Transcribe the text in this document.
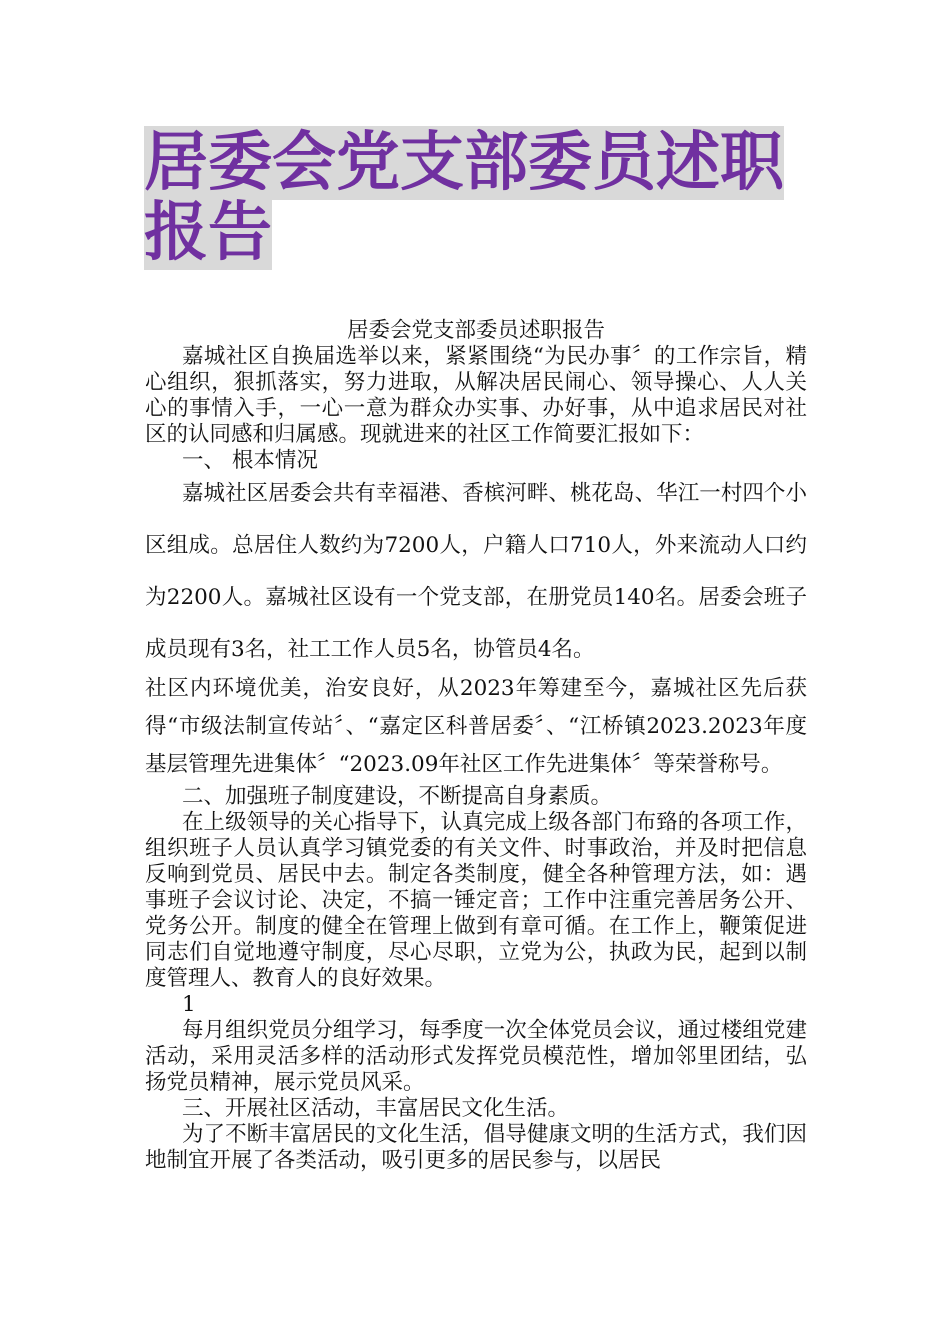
居委会党支部委员述职报告

居委会党支部委员述职报告

嘉城社区自换届选举以来，紧紧围绕“为民办事〞的工作宗旨，精心组织，狠抓落实，努力进取，从解决居民闹心、领导操心、人人关心的事情入手，一心一意为群众办实事、办好事，从中追求居民对社区的认同感和归属感。现就进来的社区工作简要汇报如下：

一、 根本情况

嘉城社区居委会共有幸福港、香槟河畔、桃花岛、华江一村四个小区组成。总居住人数约为7200人，户籍人口710人，外来流动人口约为2200人。嘉城社区设有一个党支部，在册党员140名。居委会班子成员现有3名，社工工作人员5名，协管员4名。

社区内环境优美，治安良好，从2023年筹建至今，嘉城社区先后获得“市级法制宣传站〞、“嘉定区科普居委〞、“江桥镇2023.2023年度基层管理先进集体〞“2023.09年社区工作先进集体〞等荣誉称号。

二、加强班子制度建设，不断提高自身素质。

在上级领导的关心指导下，认真完成上级各部门布臵的各项工作，组织班子人员认真学习镇党委的有关文件、时事政治，并及时把信息反响到党员、居民中去。制定各类制度，健全各种管理方法，如：遇事班子会议讨论、决定，不搞一锤定音；工作中注重完善居务公开、党务公开。制度的健全在管理上做到有章可循。在工作上，鞭策促进同志们自觉地遵守制度，尽心尽职，立党为公，执政为民，起到以制度管理人、教育人的良好效果。

1

每月组织党员分组学习，每季度一次全体党员会议，通过楼组党建活动，采用灵活多样的活动形式发挥党员模范性，增加邻里团结，弘扬党员精神，展示党员风采。

三、开展社区活动，丰富居民文化生活。

为了不断丰富居民的文化生活，倡导健康文明的生活方式，我们因地制宜开展了各类活动，吸引更多的居民参与，以居民
